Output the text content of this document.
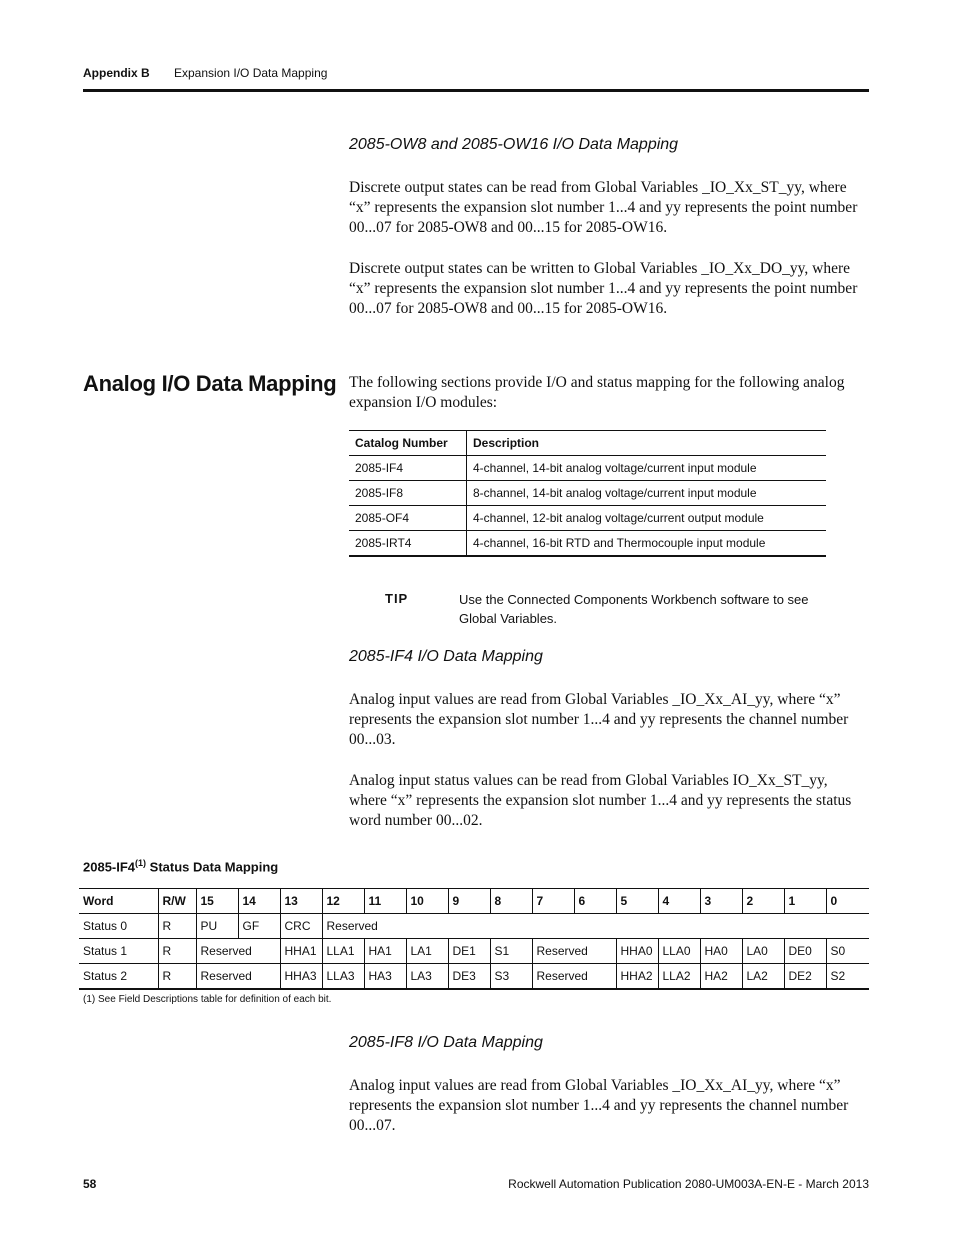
Appendix B Expansion I/O Data Mapping
2085-OW8 and 2085-OW16 I/O Data Mapping
Discrete output states can be read from Global Variables _IO_Xx_ST_yy, where “x” represents the expansion slot number 1...4 and yy represents the point number 00...07 for 2085-OW8 and 00...15 for 2085-OW16.
Discrete output states can be written to Global Variables _IO_Xx_DO_yy, where “x” represents the expansion slot number 1...4 and yy represents the point number 00...07 for 2085-OW8 and 00...15 for 2085-OW16.
Analog I/O Data Mapping The following sections provide I/O and status mapping for the following analog expansion I/O modules:
Catalog Number	Description
2085-IF4	4-channel, 14-bit analog voltage/current input module
2085-IF8	8-channel, 14-bit analog voltage/current input module
2085-OF4	4-channel, 12-bit analog voltage/current output module
2085-IRT4	4-channel, 16-bit RTD and Thermocouple input module
TIP	Use the Connected Components Workbench software to see Global Variables.
2085-IF4 I/O Data Mapping
Analog input values are read from Global Variables _IO_Xx_AI_yy, where “x” represents the expansion slot number 1...4 and yy represents the channel number 00...03.
Analog input status values can be read from Global Variables IO_Xx_ST_yy, where “x” represents the expansion slot number 1...4 and yy represents the status word number 00...02.
2085-IF4$^{(1)}$ Status Data Mapping
Word	R/W	15	14	13	12	11	10	9	8	7	6	5	4	3	2	1	0
Status 0	R	PU	GF	CRC	Reserved												
Status 1	R	Reserved		HHA1	LLA1	HA1	LA1	DE1	S1	Reserved		HHA0	LLA0	HA0	LA0	DE0	S0
Status 2	R	Reserved		HHA3	LLA3	HA3	LA3	DE3	S3	Reserved		HHA2	LLA2	HA2	LA2	DE2	S2
(1) See Field Descriptions table for definition of each bit.
2085-IF8 I/O Data Mapping
Analog input values are read from Global Variables _IO_Xx_AI_yy, where “x” represents the expansion slot number 1...4 and yy represents the channel number 00...07.
58	Rockwell Automation Publication 2080-UM003A-EN-E - March 2013
